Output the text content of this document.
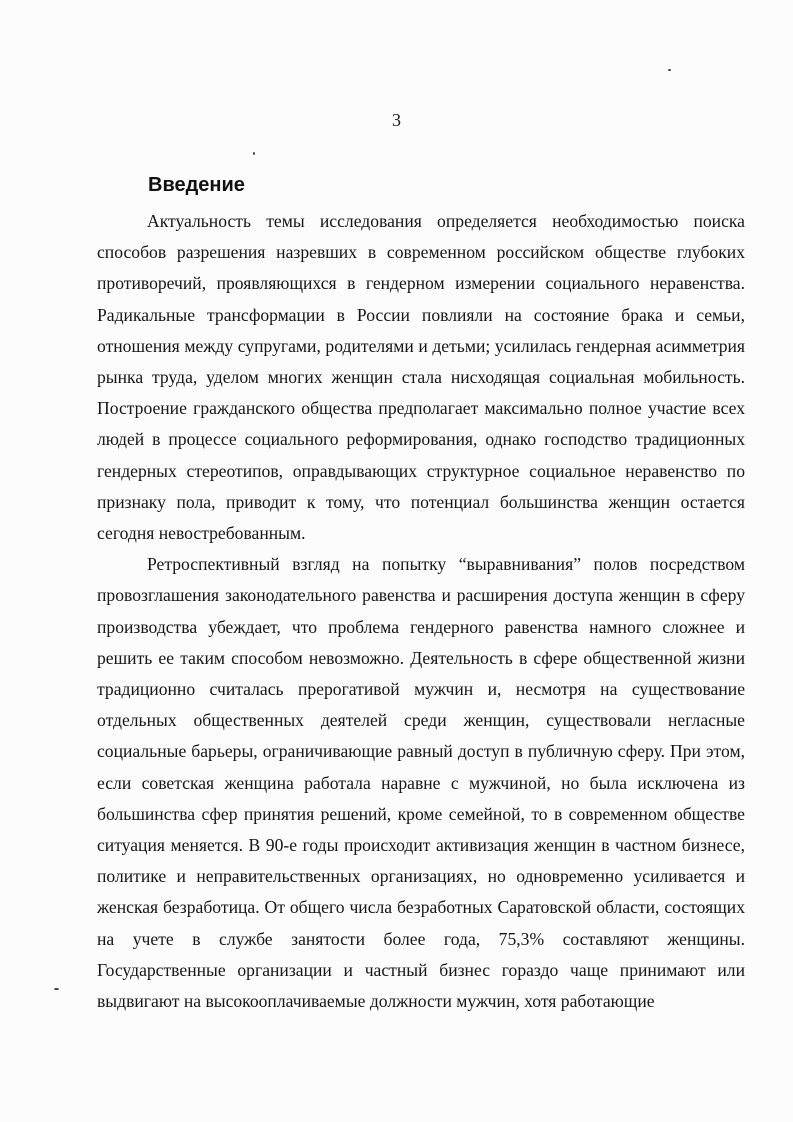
3
Введение

Актуальность темы исследования определяется необходимостью поиска способов разрешения назревших в современном российском обществе глубоких противоречий, проявляющихся в гендерном измерении социального неравенства. Радикальные трансформации в России повлияли на состояние брака и семьи, отношения между супругами, родителями и детьми; усилилась гендерная асимметрия рынка труда, уделом многих женщин стала нисходящая социальная мобильность. Построение гражданского общества предполагает максимально полное участие всех людей в процессе социального реформирования, однако господство традиционных гендерных стереотипов, оправдывающих структурное социальное неравенство по признаку пола, приводит к тому, что потенциал большинства женщин остается сегодня невостребованным.

Ретроспективный взгляд на попытку “выравнивания” полов посредством провозглашения законодательного равенства и расширения доступа женщин в сферу производства убеждает, что проблема гендерного равенства намного сложнее и решить ее таким способом невозможно. Деятельность в сфере общественной жизни традиционно считалась прерогативой мужчин и, несмотря на существование отдельных общественных деятелей среди женщин, существовали негласные социальные барьеры, ограничивающие равный доступ в публичную сферу. При этом, если советская женщина работала наравне с мужчиной, но была исключена из большинства сфер принятия решений, кроме семейной, то в современном обществе ситуация меняется. В 90-е годы происходит активизация женщин в частном бизнесе, политике и неправительственных организациях, но одновременно усиливается и женская безработица. От общего числа безработных Саратовской области, состоящих на учете в службе занятости более года, 75,3% составляют женщины. Государственные организации и частный бизнес гораздо чаще принимают или выдвигают на высокооплачиваемые должности мужчин, хотя работающие
